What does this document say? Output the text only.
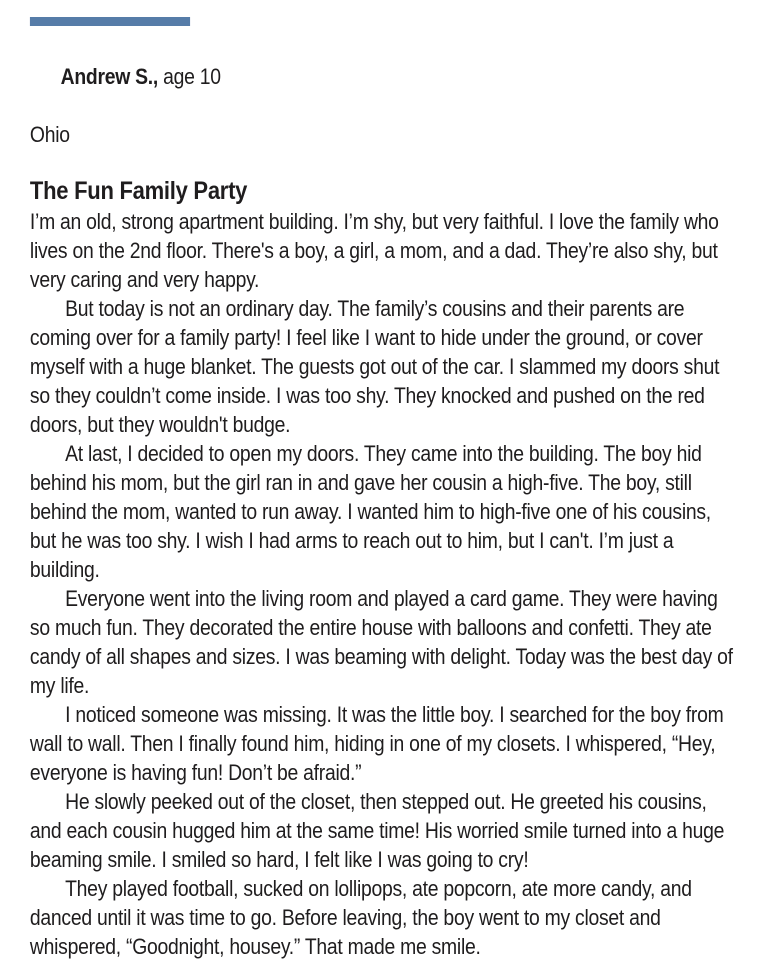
Andrew S., age 10

Ohio
The Fun Family Party

I’m an old, strong apartment building. I’m shy, but very faithful. I love the family who lives on the 2nd floor. There's a boy, a girl, a mom, and a dad. They’re also shy, but very caring and very happy.

But today is not an ordinary day. The family’s cousins and their parents are coming over for a family party! I feel like I want to hide under the ground, or cover myself with a huge blanket. The guests got out of the car. I slammed my doors shut so they couldn’t come inside. I was too shy. They knocked and pushed on the red doors, but they wouldn't budge.

At last, I decided to open my doors. They came into the building. The boy hid behind his mom, but the girl ran in and gave her cousin a high-five. The boy, still behind the mom, wanted to run away. I wanted him to high-five one of his cousins, but he was too shy. I wish I had arms to reach out to him, but I can't. I’m just a building.

Everyone went into the living room and played a card game. They were having so much fun. They decorated the entire house with balloons and confetti. They ate candy of all shapes and sizes. I was beaming with delight. Today was the best day of my life.

I noticed someone was missing. It was the little boy. I searched for the boy from wall to wall. Then I finally found him, hiding in one of my closets. I whispered, “Hey, everyone is having fun! Don’t be afraid.”

He slowly peeked out of the closet, then stepped out. He greeted his cousins, and each cousin hugged him at the same time! His worried smile turned into a huge beaming smile. I smiled so hard, I felt like I was going to cry!

They played football, sucked on lollipops, ate popcorn, ate more candy, and danced until it was time to go. Before leaving, the boy went to my closet and whispered, “Goodnight, housey.” That made me smile.
